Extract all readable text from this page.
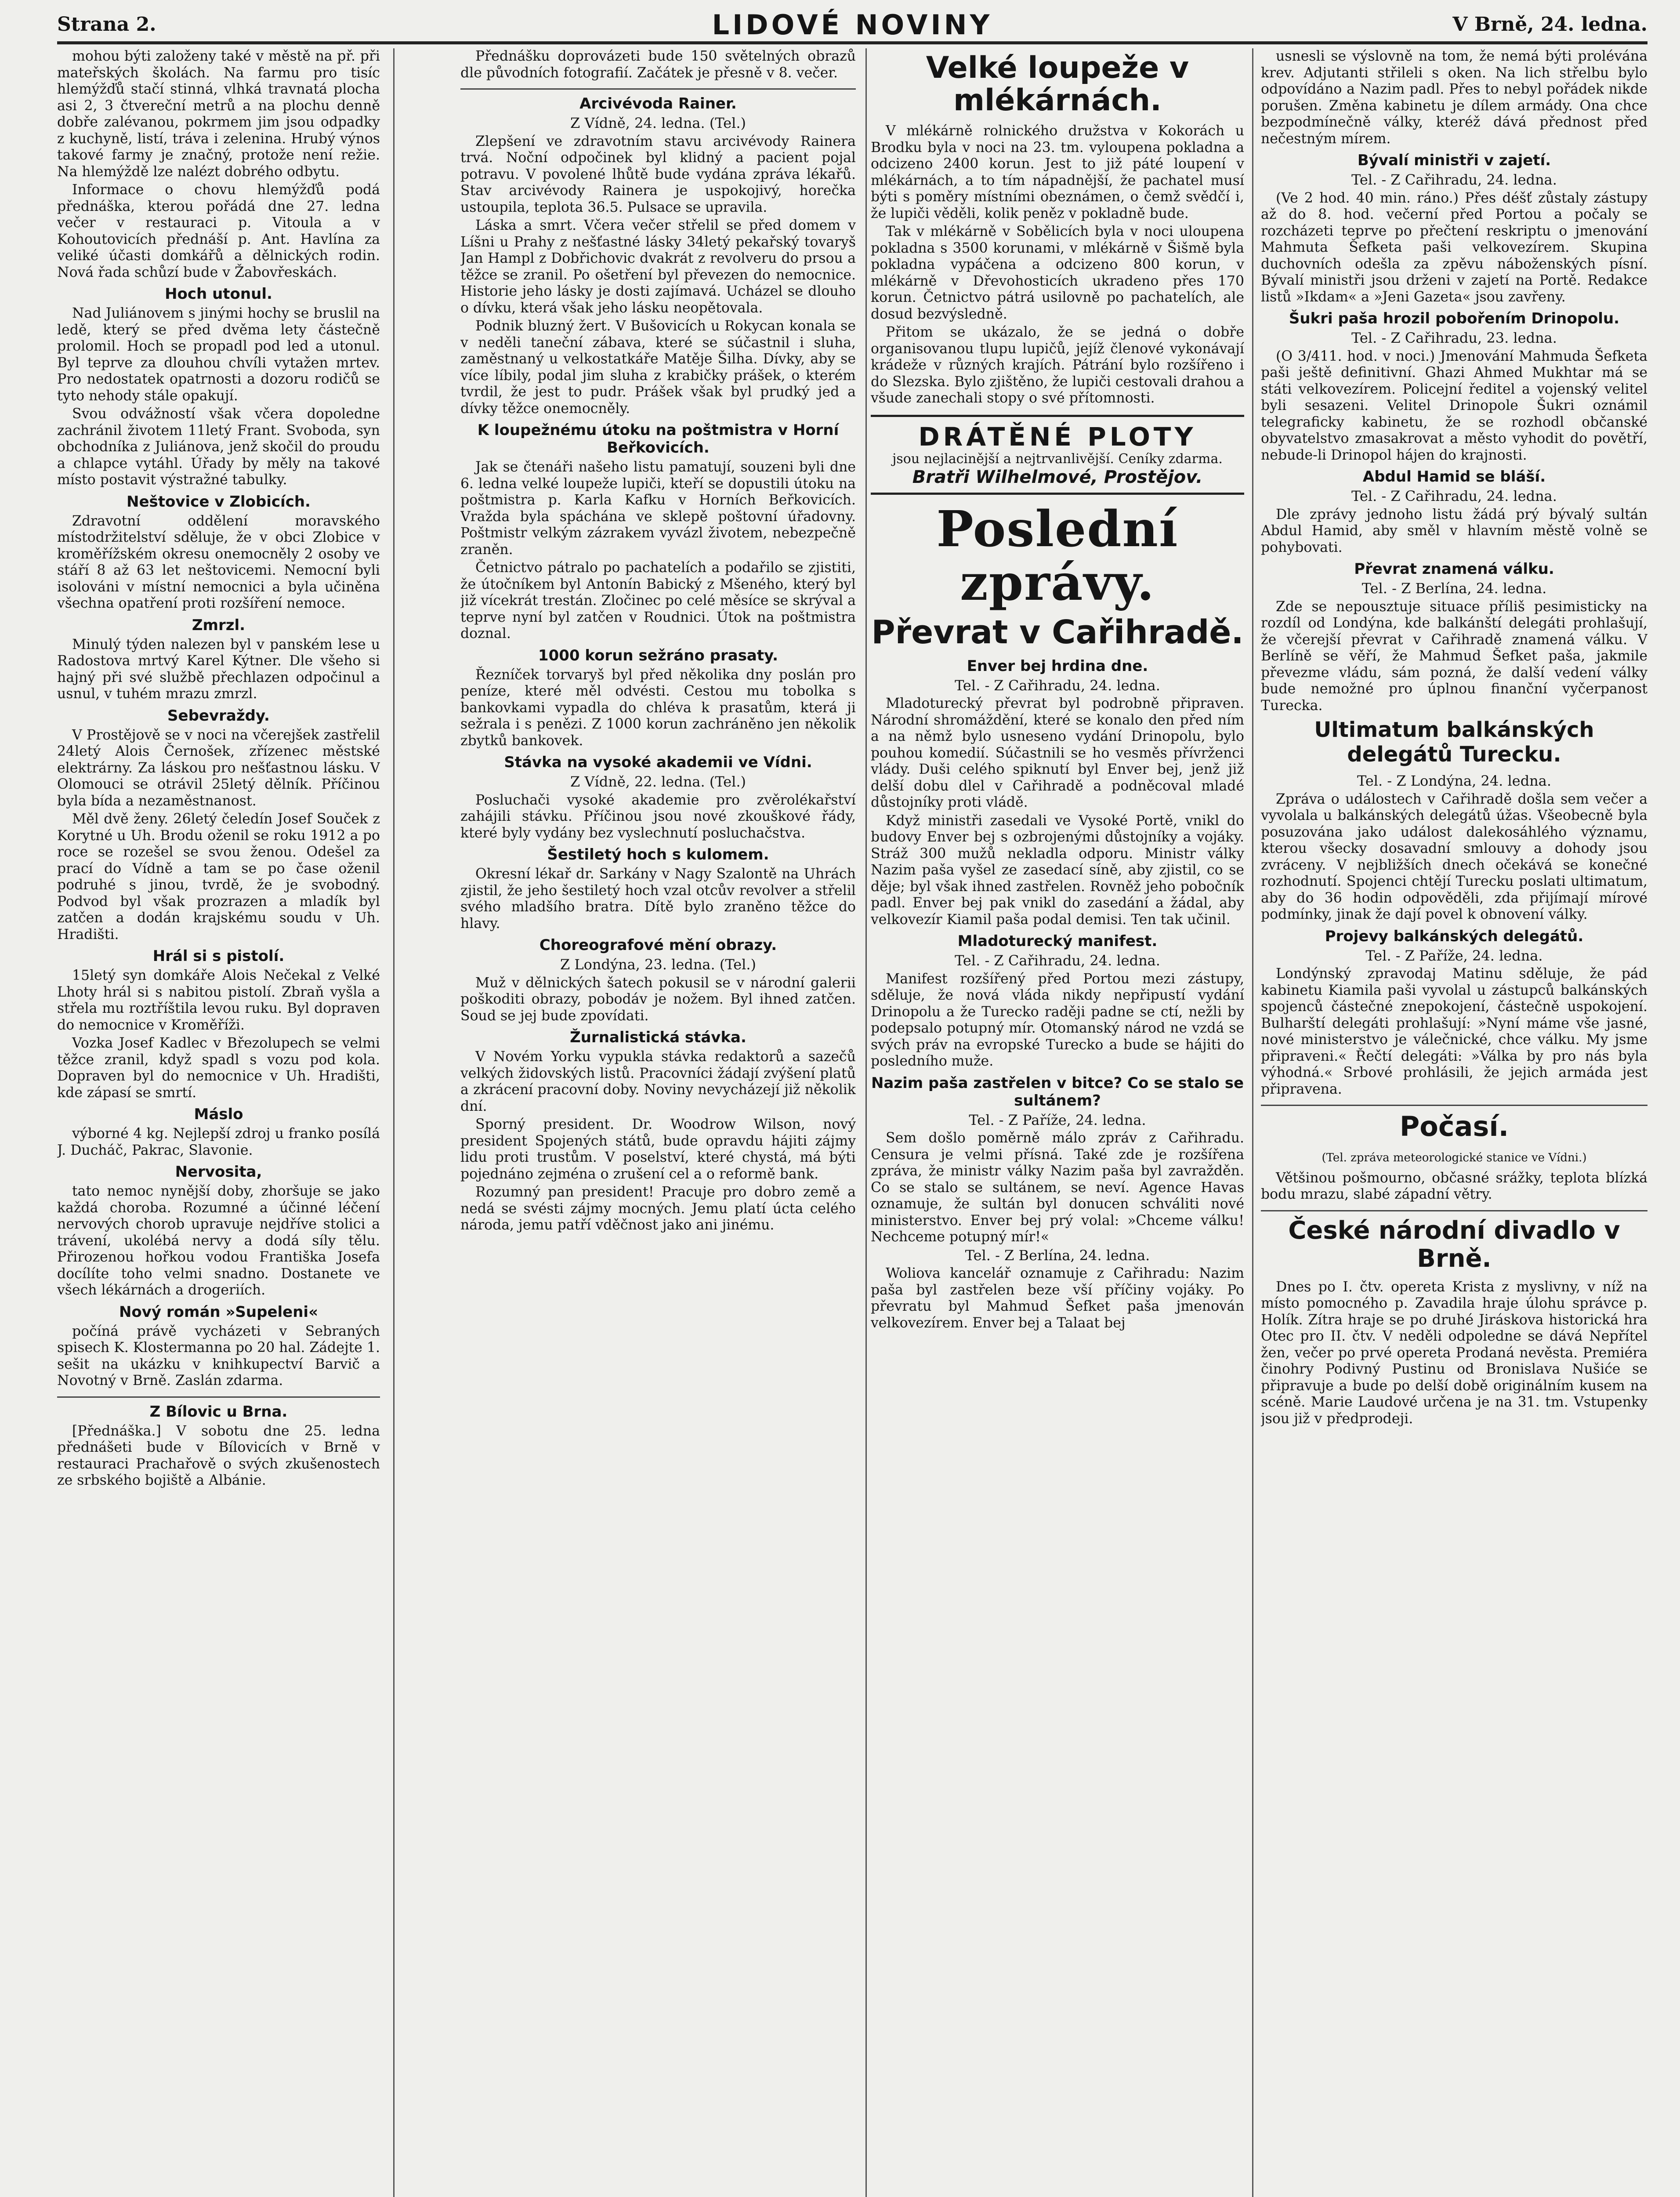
Strana 2.	LIDOVÉ NOVINY	V Brně, 24. ledna.

mohou býti založeny také v městě na př. při mateřských školách. Na farmu pro tisíc hlemýžďů stačí stinná, vlhká travnatá plocha asi 2, 3 čtvereční metrů a na plochu denně dobře zalévanou, pokrmem jim jsou odpadky z kuchyně, listí, tráva i zelenina. Hrubý výnos takové farmy je značný, protože není režie. Na hlemýždě lze nalézt dobrého odbytu.

Informace o chovu hlemýžďů podá přednáška, kterou pořádá dne 27. ledna večer v restauraci p. Vitoula a v Kohoutovicích přednáší p. Ant. Havlína za veliké účasti domkářů a dělnických rodin. Nová řada schůzí bude v Žabovřeskách.

Hoch utonul.

Nad Juliánovem s jinými hochy se bruslil na ledě, který se před dvěma lety částečně prolomil. Hoch se propadl pod led a utonul. Byl teprve za dlouhou chvíli vytažen mrtev. Pro nedostatek opatrnosti a dozoru rodičů se tyto nehody stále opakují.

Svou odvážností však včera dopoledne zachránil životem 11letý Frant. Svoboda, syn obchodníka z Juliánova, jenž skočil do proudu a chlapce vytáhl. Úřady by měly na takové místo postavit výstražné tabulky.

Neštovice v Zlobicích.

Zdravotní oddělení moravského místodržitelství sděluje, že v obci Zlobice v kroměřížském okresu onemocněly 2 osoby ve stáří 8 až 63 let neštovicemi. Nemocní byli isolováni v místní nemocnici a byla učiněna všechna opatření proti rozšíření nemoce.

Zmrzl.

Minulý týden nalezen byl v panském lese u Radostova mrtvý Karel Kýtner. Dle všeho si hajný při své službě přechlazen odpočinul a usnul, v tuhém mrazu zmrzl.

Sebevraždy.

V Prostějově se v noci na včerejšek zastřelil 24letý Alois Černošek, zřízenec městské elektrárny. Za láskou pro nešťastnou lásku. V Olomouci se otrávil 25letý dělník. Příčinou byla bída a nezaměstnanost.

Měl dvě ženy. 26letý čeledín Josef Souček z Korytné u Uh. Brodu oženil se roku 1912 a po roce se rozešel se svou ženou. Odešel za prací do Vídně a tam se po čase oženil podruhé s jinou, tvrdě, že je svobodný. Podvod byl však prozrazen a mladík byl zatčen a dodán krajskému soudu v Uh. Hradišti.

Hrál si s pistolí.

15letý syn domkáře Alois Nečekal z Velké Lhoty hrál si s nabitou pistolí. Zbraň vyšla a střela mu roztříštila levou ruku. Byl dopraven do nemocnice v Kroměříži.

Vozka Josef Kadlec v Březolupech se velmi těžce zranil, když spadl s vozu pod kola. Dopraven byl do nemocnice v Uh. Hradišti, kde zápasí se smrtí.

Máslo

výborné 4 kg. Nejlepší zdroj u franko posílá J. Ducháč, Pakrac, Slavonie.

Nervosita,

tato nemoc nynější doby, zhoršuje se jako každá choroba. Rozumné a účinné léčení nervových chorob upravuje nejdříve stolici a trávení, ukolébá nervy a dodá síly tělu. Přirozenou hořkou vodou Františka Josefa docílíte toho velmi snadno. Dostanete ve všech lékárnách a drogeriích.

Nový román »Supeleni«

počíná právě vycházeti v Sebraných spisech K. Klostermanna po 20 hal. Zádejte 1. sešit na ukázku v knihkupectví Barvič a Novotný v Brně. Zaslán zdarma.

Z Bílovic u Brna.

[Přednáška.] V sobotu dne 25. ledna přednášeti bude v Bílovicích v Brně v restauraci Prachařově o svých zkušenostech ze srbského bojiště a Albánie.

Přednášku doprovázeti bude 150 světelných obrazů dle původních fotografií. Začátek je přesně v 8. večer.

Arcivévoda Rainer.
Z Vídně, 24. ledna. (Tel.)

Zlepšení ve zdravotním stavu arcivévody Rainera trvá. Noční odpočinek byl klidný a pacient pojal potravu. V povolené lhůtě bude vydána zpráva lékařů. Stav arcivévody Rainera je uspokojivý, horečka ustoupila, teplota 36.5. Pulsace se upravila.

Láska a smrt. Včera večer střelil se před domem v Líšni u Prahy z nešťastné lásky 34letý pekařský tovaryš Jan Hampl z Dobřichovic dvakrát z revolveru do prsou a těžce se zranil. Po ošetření byl převezen do nemocnice. Historie jeho lásky je dosti zajímavá. Ucházel se dlouho o dívku, která však jeho lásku neopětovala.

Podnik bluzný žert. V Bušovicích u Rokycan konala se v neděli taneční zábava, které se súčastnil i sluha, zaměstnaný u velkostatkáře Matěje Šilha. Dívky, aby se více líbily, podal jim sluha z krabičky prášek, o kterém tvrdil, že jest to pudr. Prášek však byl prudký jed a dívky těžce onemocněly.

K loupežnému útoku na poštmistra v Horní Beřkovicích.

Jak se čtenáři našeho listu pamatují, souzeni byli dne 6. ledna velké loupeže lupiči, kteří se dopustili útoku na poštmistra p. Karla Kafku v Horních Beřkovicích. Vražda byla spáchána ve sklepě poštovní úřadovny. Poštmistr velkým zázrakem vyvázl životem, nebezpečně zraněn.

Četnictvo pátralo po pachatelích a podařilo se zjistiti, že útočníkem byl Antonín Babický z Mšeného, který byl již vícekrát trestán. Zločinec po celé měsíce se skrýval a teprve nyní byl zatčen v Roudnici. Útok na poštmistra doznal.

1000 korun sežráno prasaty.

Řezníček torvaryš byl před několika dny poslán pro peníze, které měl odvésti. Cestou mu tobolka s bankovkami vypadla do chléva k prasatům, která ji sežrala i s penězi. Z 1000 korun zachráněno jen několik zbytků bankovek.

Stávka na vysoké akademii ve Vídni.
Z Vídně, 22. ledna. (Tel.)

Posluchači vysoké akademie pro zvěrolékařství zahájili stávku. Příčinou jsou nové zkouškové řády, které byly vydány bez vyslechnutí posluchačstva.

Šestiletý hoch s kulomem.

Okresní lékař dr. Sarkány v Nagy Szalontě na Uhrách zjistil, že jeho šestiletý hoch vzal otcův revolver a střelil svého mladšího bratra. Dítě bylo zraněno těžce do hlavy.

Choreografové mění obrazy.
Z Londýna, 23. ledna. (Tel.)

Muž v dělnických šatech pokusil se v národní galerii poškoditi obrazy, pobodáv je nožem. Byl ihned zatčen. Soud se jej bude zpovídati.

Žurnalistická stávka.

V Novém Yorku vypukla stávka redaktorů a sazečů velkých židovských listů. Pracovníci žádají zvýšení platů a zkrácení pracovní doby. Noviny nevycházejí již několik dní.

Sporný president. Dr. Woodrow Wilson, nový president Spojených států, bude opravdu hájiti zájmy lidu proti trustům. V poselství, které chystá, má býti pojednáno zejména o zrušení cel a o reformě bank.

Rozumný pan president! Pracuje pro dobro země a nedá se svésti zájmy mocných. Jemu platí úcta celého národa, jemu patří vděčnost jako ani jinému.

Velké loupeže v mlékárnách.

V mlékárně rolnického družstva v Kokorách u Brodku byla v noci na 23. tm. vyloupena pokladna a odcizeno 2400 korun. Jest to již páté loupení v mlékárnách, a to tím nápadnější, že pachatel musí býti s poměry místními obeznámen, o čemž svědčí i, že lupiči věděli, kolik peněz v pokladně bude.

Tak v mlékárně v Sobělicích byla v noci uloupena pokladna s 3500 korunami, v mlékárně v Šišmě byla pokladna vypáčena a odcizeno 800 korun, v mlékárně v Dřevohosticích ukradeno přes 170 korun. Četnictvo pátrá usilovně po pachatelích, ale dosud bezvýsledně.

Přitom se ukázalo, že se jedná o dobře organisovanou tlupu lupičů, jejíž členové vykonávají krádeže v různých krajích. Pátrání bylo rozšířeno i do Slezska. Bylo zjištěno, že lupiči cestovali drahou a všude zanechali stopy o své přítomnosti.

DRÁTĚNÉ PLOTY
jsou nejlacinější a nejtrvanlivější. Ceníky zdarma.
Bratři Wilhelmové, Prostějov.
Poslední zprávy.
Převrat v Cařihradě.
Enver bej hrdina dne.
Tel. - Z Cařihradu, 24. ledna.

Mladoturecký převrat byl podrobně připraven. Národní shromáždění, které se konalo den před ním a na němž bylo usneseno vydání Drinopolu, bylo pouhou komedií. Súčastnili se ho vesměs přívrženci vlády. Duši celého spiknutí byl Enver bej, jenž již delší dobu dlel v Cařihradě a podněcoval mladé důstojníky proti vládě.

Když ministři zasedali ve Vysoké Portě, vnikl do budovy Enver bej s ozbrojenými důstojníky a vojáky. Stráž 300 mužů nekladla odporu. Ministr války Nazim paša vyšel ze zasedací síně, aby zjistil, co se děje; byl však ihned zastřelen. Rovněž jeho pobočník padl. Enver bej pak vnikl do zasedání a žádal, aby velkovezír Kiamil paša podal demisi. Ten tak učinil.

Mladoturecký manifest.
Tel. - Z Cařihradu, 24. ledna.

Manifest rozšířený před Portou mezi zástupy, sděluje, že nová vláda nikdy nepřipustí vydání Drinopolu a že Turecko raději padne se ctí, nežli by podepsalo potupný mír. Otomanský národ ne vzdá se svých práv na evropské Turecko a bude se hájiti do posledního muže.

Nazim paša zastřelen v bitce? Co se stalo se sultánem?
Tel. - Z Paříže, 24. ledna.

Sem došlo poměrně málo zpráv z Cařihradu. Censura je velmi přísná. Také zde je rozšířena zpráva, že ministr války Nazim paša byl zavražděn. Co se stalo se sultánem, se neví. Agence Havas oznamuje, že sultán byl donucen schváliti nové ministerstvo. Enver bej prý volal: »Chceme válku! Nechceme potupný mír!«

Tel. - Z Berlína, 24. ledna.

Woliova kancelář oznamuje z Cařihradu: Nazim paša byl zastřelen beze vší příčiny vojáky. Po převratu byl Mahmud Šefket paša jmenován velkovezírem. Enver bej a Talaat bej

usnesli se výslovně na tom, že nemá býti prolévána krev. Adjutanti střileli s oken. Na lich střelbu bylo odpovídáno a Nazim padl. Přes to nebyl pořádek nikde porušen. Změna kabinetu je dílem armády. Ona chce bezpodmínečně války, kteréž dává přednost před nečestným mírem.

Bývalí ministři v zajetí.
Tel. - Z Cařihradu, 24. ledna.

(Ve 2 hod. 40 min. ráno.) Přes déšť zůstaly zástupy až do 8. hod. večerní před Portou a počaly se rozcházeti teprve po přečtení reskriptu o jmenování Mahmuta Šefketa paši velkovezírem. Skupina duchovních odešla za zpěvu náboženských písní. Bývalí ministři jsou drženi v zajetí na Portě. Redakce listů »Ikdam« a »Jeni Gazeta« jsou zavřeny.

Šukri paša hrozil pobořením Drinopolu.
Tel. - Z Cařihradu, 23. ledna.

(O 3/411. hod. v noci.) Jmenování Mahmuda Šefketa paši ještě definitivní. Ghazi Ahmed Mukhtar má se státi velkovezírem. Policejní ředitel a vojenský velitel byli sesazeni. Velitel Drinopole Šukri oznámil telegraficky kabinetu, že se rozhodl občanské obyvatelstvo zmasakrovat a město vyhodit do povětří, nebude-li Drinopol hájen do krajnosti.

Abdul Hamid se bláší.
Tel. - Z Cařihradu, 24. ledna.

Dle zprávy jednoho listu žádá prý bývalý sultán Abdul Hamid, aby směl v hlavním městě volně se pohybovati.

Převrat znamená válku.
Tel. - Z Berlína, 24. ledna.

Zde se nepousztuje situace příliš pesimisticky na rozdíl od Londýna, kde balkánští delegáti prohlašují, že včerejší převrat v Cařihradě znamená válku. V Berlíně se věří, že Mahmud Šefket paša, jakmile převezme vládu, sám pozná, že další vedení války bude nemožné pro úplnou finanční vyčerpanost Turecka.

Ultimatum balkánských delegátů Turecku.
Tel. - Z Londýna, 24. ledna.

Zpráva o událostech v Cařihradě došla sem večer a vyvolala u balkánských delegátů úžas. Všeobecně byla posuzována jako událost dalekosáhlého významu, kterou všecky dosavadní smlouvy a dohody jsou zvráceny. V nejbližších dnech očekává se konečné rozhodnutí. Spojenci chtějí Turecku poslati ultimatum, aby do 36 hodin odpověděli, zda přijímají mírové podmínky, jinak že dají povel k obnovení války.

Projevy balkánských delegátů.
Tel. - Z Paříže, 24. ledna.

Londýnský zpravodaj Matinu sděluje, že pád kabinetu Kiamila paši vyvolal u zástupců balkánských spojenců částečné znepokojení, částečně uspokojení. Bulharští delegáti prohlašují: »Nyní máme vše jasné, nové ministerstvo je válečnické, chce válku. My jsme připraveni.« Řečtí delegáti: »Válka by pro nás byla výhodná.« Srbové prohlásili, že jejich armáda jest připravena.

Počasí.
(Tel. zpráva meteorologické stanice ve Vídni.)

Většinou pošmourno, občasné srážky, teplota blízká bodu mrazu, slabé západní větry.

České národní divadlo v Brně.

Dnes po I. čtv. opereta Krista z myslivny, v níž na místo pomocného p. Zavadila hraje úlohu správce p. Holík. Zítra hraje se po druhé Jiráskova historická hra Otec pro II. čtv. V neděli odpoledne se dává Nepřítel žen, večer po prvé opereta Prodaná nevěsta. Premiéra činohry Podivný Pustinu od Bronislava Nušiće se připravuje a bude po delší době originálním kusem na scéně. Marie Laudové určena je na 31. tm. Vstupenky jsou již v předprodeji.
